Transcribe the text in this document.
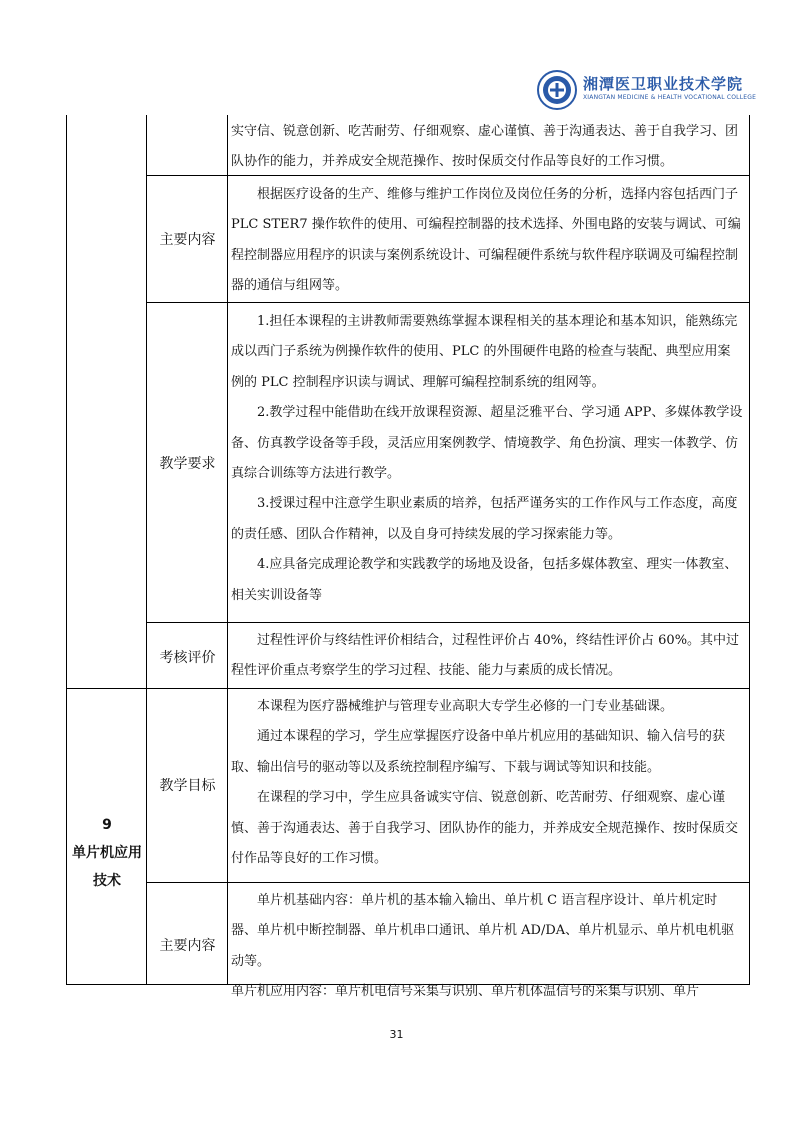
湘潭医卫职业技术学院
XIANGTAN MEDICINE & HEALTH VOCATIONAL COLLEGE

实守信、锐意创新、吃苦耐劳、仔细观察、虚心谨慎、善于沟通表达、善于自我学习、团队协作的能力，并养成安全规范操作、按时保质交付作品等良好的工作习惯。

主要内容

根据医疗设备的生产、维修与维护工作岗位及岗位任务的分析，选择内容包括西门子 PLC STER7 操作软件的使用、可编程控制器的技术选择、外围电路的安装与调试、可编程控制器应用程序的识读与案例系统设计、可编程硬件系统与软件程序联调及可编程控制器的通信与组网等。

教学要求

1.担任本课程的主讲教师需要熟练掌握本课程相关的基本理论和基本知识，能熟练完成以西门子系统为例操作软件的使用、PLC 的外围硬件电路的检查与装配、典型应用案例的 PLC 控制程序识读与调试、理解可编程控制系统的组网等。

2.教学过程中能借助在线开放课程资源、超星泛雅平台、学习通 APP、多媒体教学设备、仿真教学设备等手段，灵活应用案例教学、情境教学、角色扮演、理实一体教学、仿真综合训练等方法进行教学。

3.授课过程中注意学生职业素质的培养，包括严谨务实的工作作风与工作态度，高度的责任感、团队合作精神，以及自身可持续发展的学习探索能力等。

4.应具备完成理论教学和实践教学的场地及设备，包括多媒体教室、理实一体教室、相关实训设备等

考核评价

过程性评价与终结性评价相结合，过程性评价占 40%，终结性评价占 60%。其中过程性评价重点考察学生的学习过程、技能、能力与素质的成长情况。

9
单片机应用
技术
教学目标

本课程为医疗器械维护与管理专业高职大专学生必修的一门专业基础课。

通过本课程的学习，学生应掌握医疗设备中单片机应用的基础知识、输入信号的获取、输出信号的驱动等以及系统控制程序编写、下载与调试等知识和技能。

在课程的学习中，学生应具备诚实守信、锐意创新、吃苦耐劳、仔细观察、虚心谨慎、善于沟通表达、善于自我学习、团队协作的能力，并养成安全规范操作、按时保质交付作品等良好的工作习惯。

主要内容

单片机基础内容：单片机的基本输入输出、单片机 C 语言程序设计、单片机定时器、单片机中断控制器、单片机串口通讯、单片机 AD/DA、单片机显示、单片机电机驱动等。

单片机应用内容：单片机电信号采集与识别、单片机体温信号的采集与识别、单片

31
